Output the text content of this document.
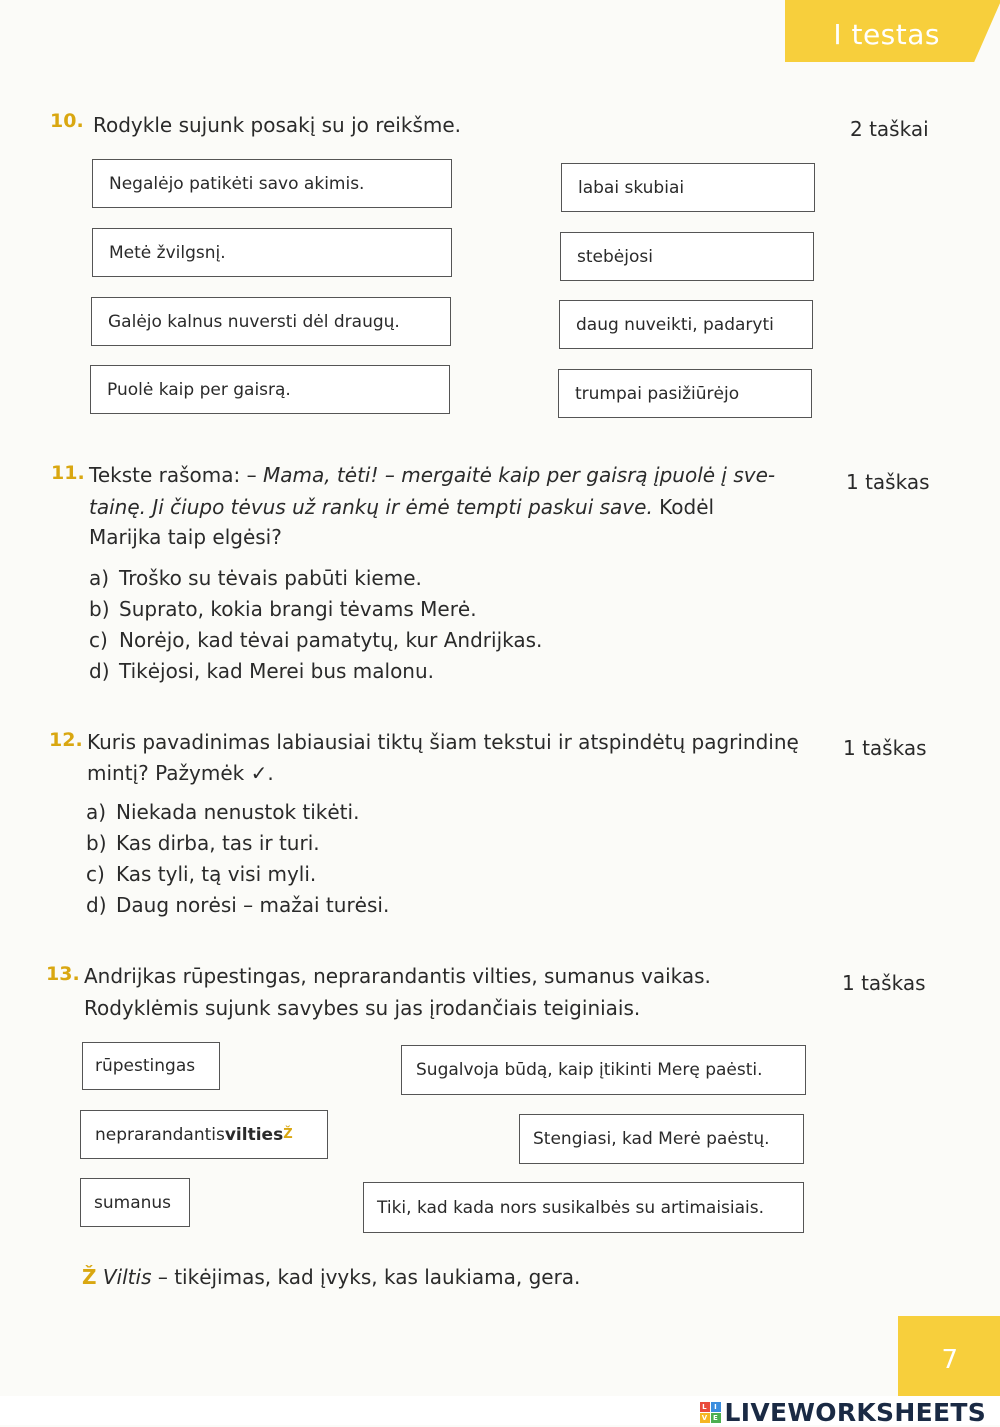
I testas
10. Rodykle sujunk posakį su jo reikšme.	2 taškai
Negalėjo patikėti savo akimis.
Metė žvilgsnį.
Galėjo kalnus nuversti dėl draugų.
Puolė kaip per gaisrą.
labai skubiai
stebėjosi
daug nuveikti, padaryti
trumpai pasižiūrėjo
11. Tekste rašoma: – Mama, tėti! – mergaitė kaip per gaisrą įpuolė į sve-
tainę. Ji čiupo tėvus už rankų ir ėmė tempti paskui save. Kodėl
Marijka taip elgėsi?
1 taškas
a) Troško su tėvais pabūti kieme.
b) Suprato, kokia brangi tėvams Merė.
c) Norėjo, kad tėvai pamatytų, kur Andrijkas.
d) Tikėjosi, kad Merei bus malonu.
12. Kuris pavadinimas labiausiai tiktų šiam tekstui ir atspindėtų pagrindinę
mintį? Pažymėk ✓.
1 taškas
a) Niekada nenustok tikėti.
b) Kas dirba, tas ir turi.
c) Kas tyli, tą visi myli.
d) Daug norėsi – mažai turėsi.
13. Andrijkas rūpestingas, neprarandantis vilties, sumanus vaikas.
Rodyklėmis sujunk savybes su jas įrodančiais teiginiais.
1 taškas
rūpestingas
neprarandantis vilties Ž
sumanus
Sugalvoja būdą, kaip įtikinti Merę paėsti.
Stengiasi, kad Merė paėstų.
Tiki, kad kada nors susikalbės su artimaisiais.
Ž Viltis – tikėjimas, kad įvyks, kas laukiama, gera.
7
L	I
V E LIVEWORKSHEETS
